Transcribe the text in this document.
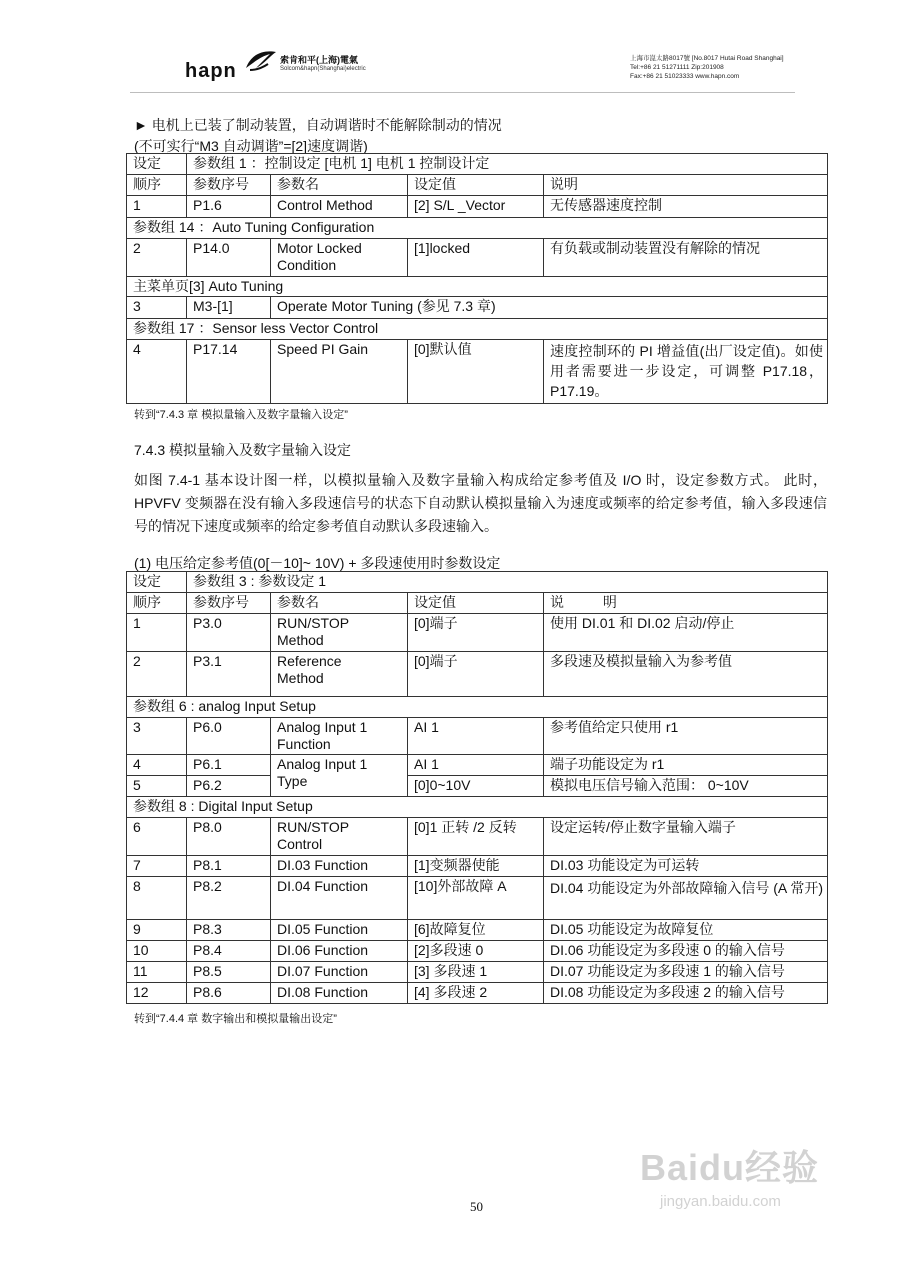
hapn	索肯和平(上海)電氣
Solcom&hapn(Shanghai)electric
上海市崑太路8017號 [No.8017 Hutai Road Shanghai]
Tel:+86 21 51271111 Zip:201908
Fax:+86 21 51023333 www.hapn.com
► 电机上已装了制动装置，自动调谐时不能解除制动的情况
(不可实行“M3 自动调谐”=[2]速度调谐)
设定	参数组 1 ：控制设定 [电机 1] 电机 1 控制设计定			
顺序	参数序号	参数名	设定值	说明
1	P1.6	Control Method	[2] S/L _Vector	无传感器速度控制
参数组 14 ：Auto Tuning Configuration				
2	P14.0	Motor Locked
Condition	[1]locked	有负载或制动装置没有解除的情况
主菜单页[3] Auto Tuning				
3	M3-[1]	Operate Motor Tuning (参见 7.3 章)		
参数组 17 ：Sensor less Vector Control				
4	P17.14	Speed PI Gain	[0]默认值	速度控制环的 PI 增益值(出厂设定值)。如使用者需要进一步设定，可调整 P17.18， P17.19。
转到“7.4.3 章 模拟量输入及数字量输入设定”
7.4.3 模拟量输入及数字量输入设定
如图 7.4-1 基本设计图一样，以模拟量输入及数字量输入构成给定参考值及 I/O 时，设定参数方式。 此时，HPVFV 变频器在没有输入多段速信号的状态下自动默认模拟量输入为速度或频率的给定参考值，输入多段速信号的情况下速度或频率的给定参考值自动默认多段速输入。
(1) 电压给定参考值(0[－10]~ 10V) + 多段速使用时参数设定
设定	参数组 3 : 参数设定 1			
顺序	参数序号	参数名	设定值	说          明
1	P3.0	RUN/STOP
Method	[0]端子	使用 DI.01 和 DI.02 启动/停止
2	P3.1	Reference
Method	[0]端子	多段速及模拟量输入为参考值
参数组 6 : analog Input Setup				
3	P6.0	Analog Input 1
Function	AI 1	参考值给定只使用 r1
4	P6.1	Analog Input 1
Type	AI 1	端子功能设定为 r1
5	P6.2		[0]0~10V	模拟电压信号输入范围： 0~10V
参数组 8 : Digital Input Setup				
6	P8.0	RUN/STOP
Control	[0]1 正转 /2 反转	设定运转/停止数字量输入端子
7	P8.1	DI.03 Function	[1]变频器使能	DI.03 功能设定为可运转
8	P8.2	DI.04 Function	[10]外部故障 A	DI.04 功能设定为外部故障输入信号 (A 常开)
9	P8.3	DI.05 Function	[6]故障复位	DI.05 功能设定为故障复位
10	P8.4	DI.06 Function	[2]多段速 0	DI.06 功能设定为多段速 0 的输入信号
11	P8.5	DI.07 Function	[3] 多段速 1	DI.07 功能设定为多段速 1 的输入信号
12	P8.6	DI.08 Function	[4] 多段速 2	DI.08 功能设定为多段速 2 的输入信号
转到“7.4.4 章 数字输出和模拟量输出设定”
50
Baidu经验
jingyan.baidu.com
